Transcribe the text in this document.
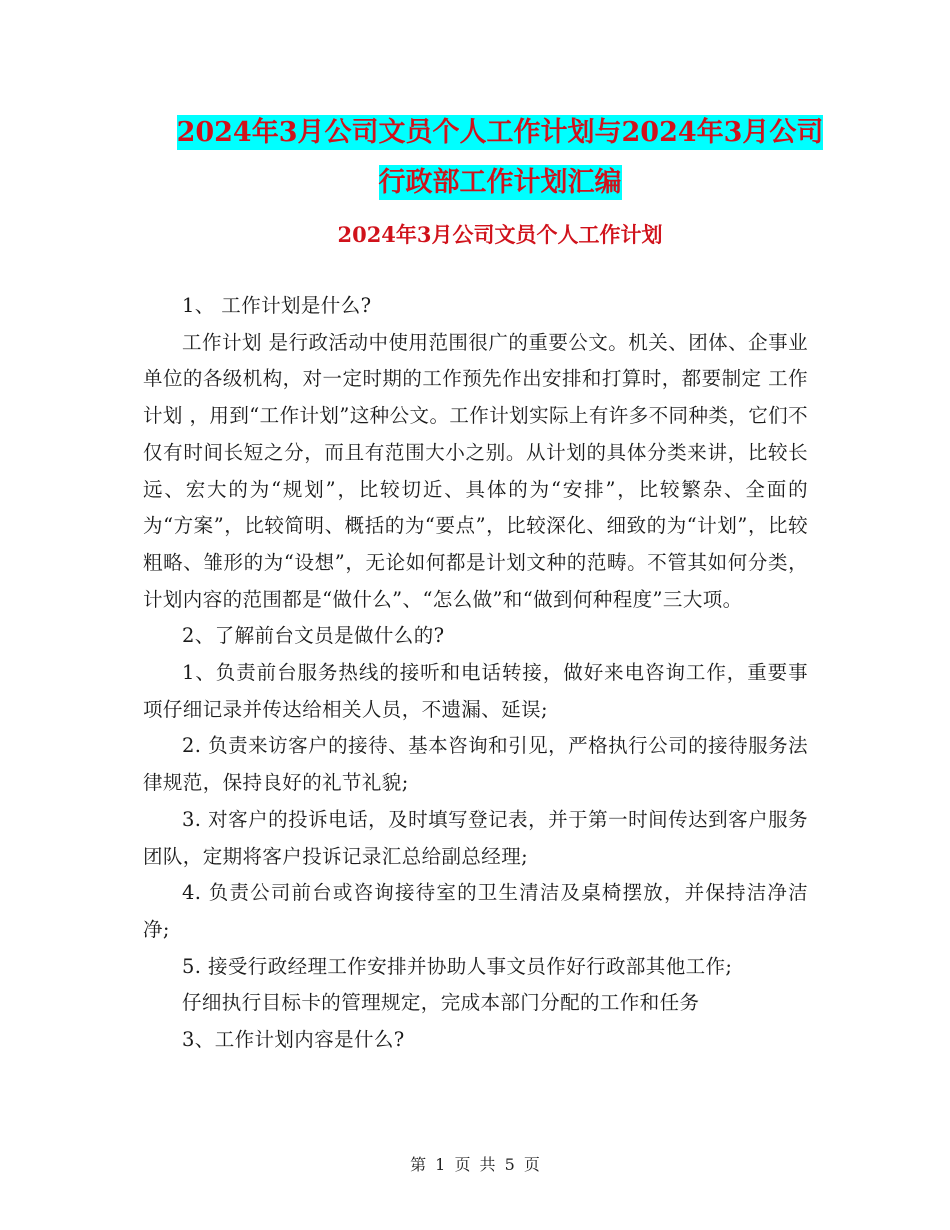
2024年3月公司文员个人工作计划与2024年3月公司
行政部工作计划汇编
2024年3月公司文员个人工作计划

1、 工作计划是什么?

工作计划 是行政活动中使用范围很广的重要公文。机关、团体、企事业单位的各级机构，对一定时期的工作预先作出安排和打算时，都要制定 工作计划 ，用到“工作计划”这种公文。工作计划实际上有许多不同种类，它们不仅有时间长短之分，而且有范围大小之别。从计划的具体分类来讲，比较长远、宏大的为“规划”，比较切近、具体的为“安排”，比较繁杂、全面的为“方案”，比较简明、概括的为“要点”，比较深化、细致的为“计划”，比较粗略、雏形的为“设想”，无论如何都是计划文种的范畴。不管其如何分类，计划内容的范围都是“做什么”、“怎么做”和“做到何种程度”三大项。

2、了解前台文员是做什么的?

1、负责前台服务热线的接听和电话转接，做好来电咨询工作，重要事项仔细记录并传达给相关人员，不遗漏、延误;

2. 负责来访客户的接待、基本咨询和引见，严格执行公司的接待服务法律规范，保持良好的礼节礼貌;

3. 对客户的投诉电话，及时填写登记表，并于第一时间传达到客户服务团队，定期将客户投诉记录汇总给副总经理;

4. 负责公司前台或咨询接待室的卫生清洁及桌椅摆放，并保持洁净洁净;

5. 接受行政经理工作安排并协助人事文员作好行政部其他工作;

仔细执行目标卡的管理规定，完成本部门分配的工作和任务

3、工作计划内容是什么?

第 1 页 共 5 页
